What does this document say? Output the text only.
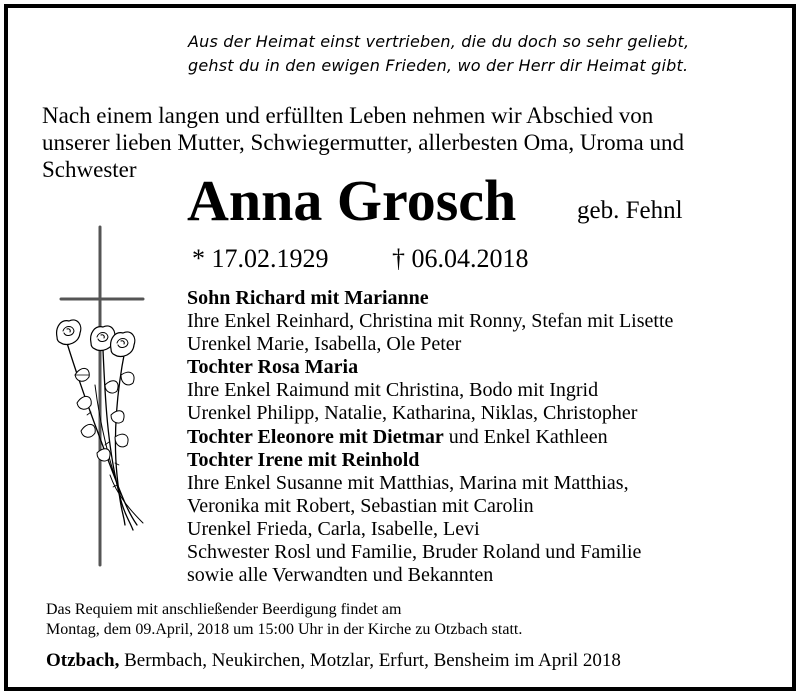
Aus der Heimat einst vertrieben, die du doch so sehr geliebt,
gehst du in den ewigen Frieden, wo der Herr dir Heimat gibt.
Nach einem langen und erfüllten Leben nehmen wir Abschied von
unserer lieben Mutter, Schwiegermutter, allerbesten Oma, Uroma und
Schwester Anna Grosch geb. Fehnl
* 17.02.1929 † 06.04.2018
Sohn Richard mit Marianne
Ihre Enkel Reinhard, Christina mit Ronny, Stefan mit Lisette
Urenkel Marie, Isabella, Ole Peter
Tochter Rosa Maria
Ihre Enkel Raimund mit Christina, Bodo mit Ingrid
Urenkel Philipp, Natalie, Katharina, Niklas, Christopher
Tochter Eleonore mit Dietmar und Enkel Kathleen
Tochter Irene mit Reinhold
Ihre Enkel Susanne mit Matthias, Marina mit Matthias,
Veronika mit Robert, Sebastian mit Carolin
Urenkel Frieda, Carla, Isabelle, Levi
Schwester Rosl und Familie, Bruder Roland und Familie
sowie alle Verwandten und Bekannten
Das Requiem mit anschließender Beerdigung findet am
Montag, dem 09.April, 2018 um 15:00 Uhr in der Kirche zu Otzbach statt.
Otzbach, Bermbach, Neukirchen, Motzlar, Erfurt, Bensheim im April 2018
